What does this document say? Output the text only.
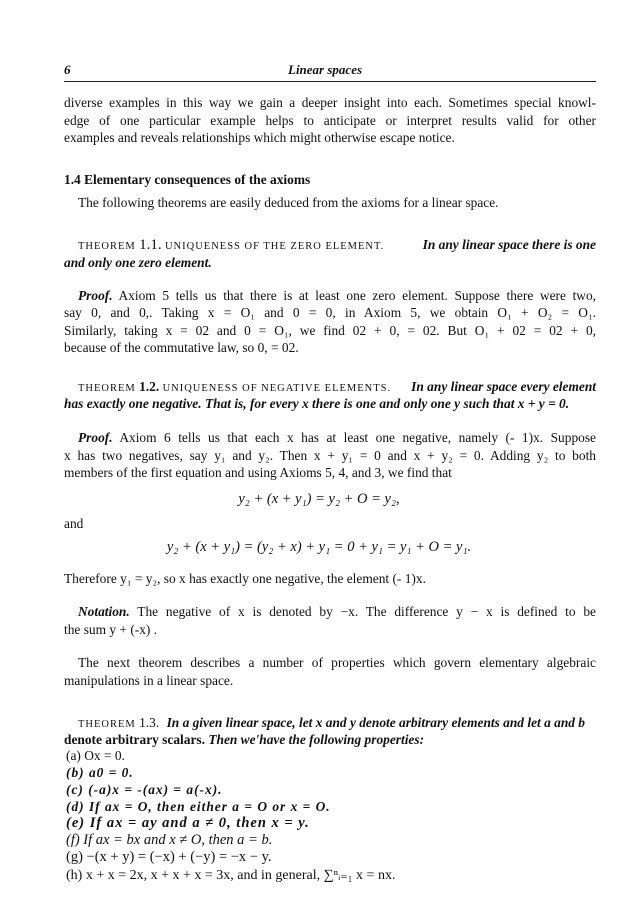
6	Linear spaces
diverse examples in this way we gain a deeper insight into each. Sometimes special knowl-
edge of one particular example helps to anticipate or interpret results valid for other
examples and reveals relationships which might otherwise escape notice.
1.4 Elementary consequences of the axioms
The following theorems are easily deduced from the axioms for a linear space.
THEOREM 1.1. UNIQUENESS OF THE ZERO ELEMENT.	In any linear space there is one
and only one zero element.
Proof. Axiom 5 tells us that there is at least one zero element. Suppose there were two,
say 0, and 0,. Taking x = O₁ and 0 = 0, in Axiom 5, we obtain O₁ + O₂ = O₁.
Similarly, taking x = 02 and 0 = O₁, we find 02 + 0, = 02. But O₁ + 02 = 02 + 0,
because of the commutative law, so 0, = 02.
THEOREM 1.2. UNIQUENESS OF NEGATIVE ELEMENTS. In any linear space every element
has exactly one negative. That is, for every x there is one and only one y such that x + y = 0.
Proof. Axiom 6 tells us that each x has at least one negative, namely (- 1)x. Suppose
x has two negatives, say y₁ and y₂. Then x + y₁ = 0 and x + y₂ = 0. Adding y₂ to both
members of the first equation and using Axioms 5, 4, and 3, we find that
y₂ + (x + y₁) = y₂ + O = y₂,
and
y₂ + (x + y₁) = (y₂ + x) + y₁ = 0 + y₁ = y₁ + O = y₁.
Therefore y₁ = y₂, so x has exactly one negative, the element (- 1)x.
Notation. The negative of x is denoted by −x. The difference y − x is defined to be
the sum y + (-x) .
The next theorem describes a number of properties which govern elementary algebraic
manipulations in a linear space.
THEOREM 1.3. In a given linear space, let x and y denote arbitrary elements and let a and b
denote arbitrary scalars. Then we'have the following properties:
(a) Ox = 0.
(b) a0 = 0.
(c) (-a)x = -(ax) = a(-x).
(d) If ax = O, then either a = O or x = O.
(e) If ax = ay and a ≠ 0, then x = y.
(f) If ax = bx and x ≠ O, then a = b.
(g) −(x + y) = (−x) + (−y) = −x − y.
(h) x + x = 2x, x + x + x = 3x, and in general, ∑ⁿᵢ₌₁ x = nx.
